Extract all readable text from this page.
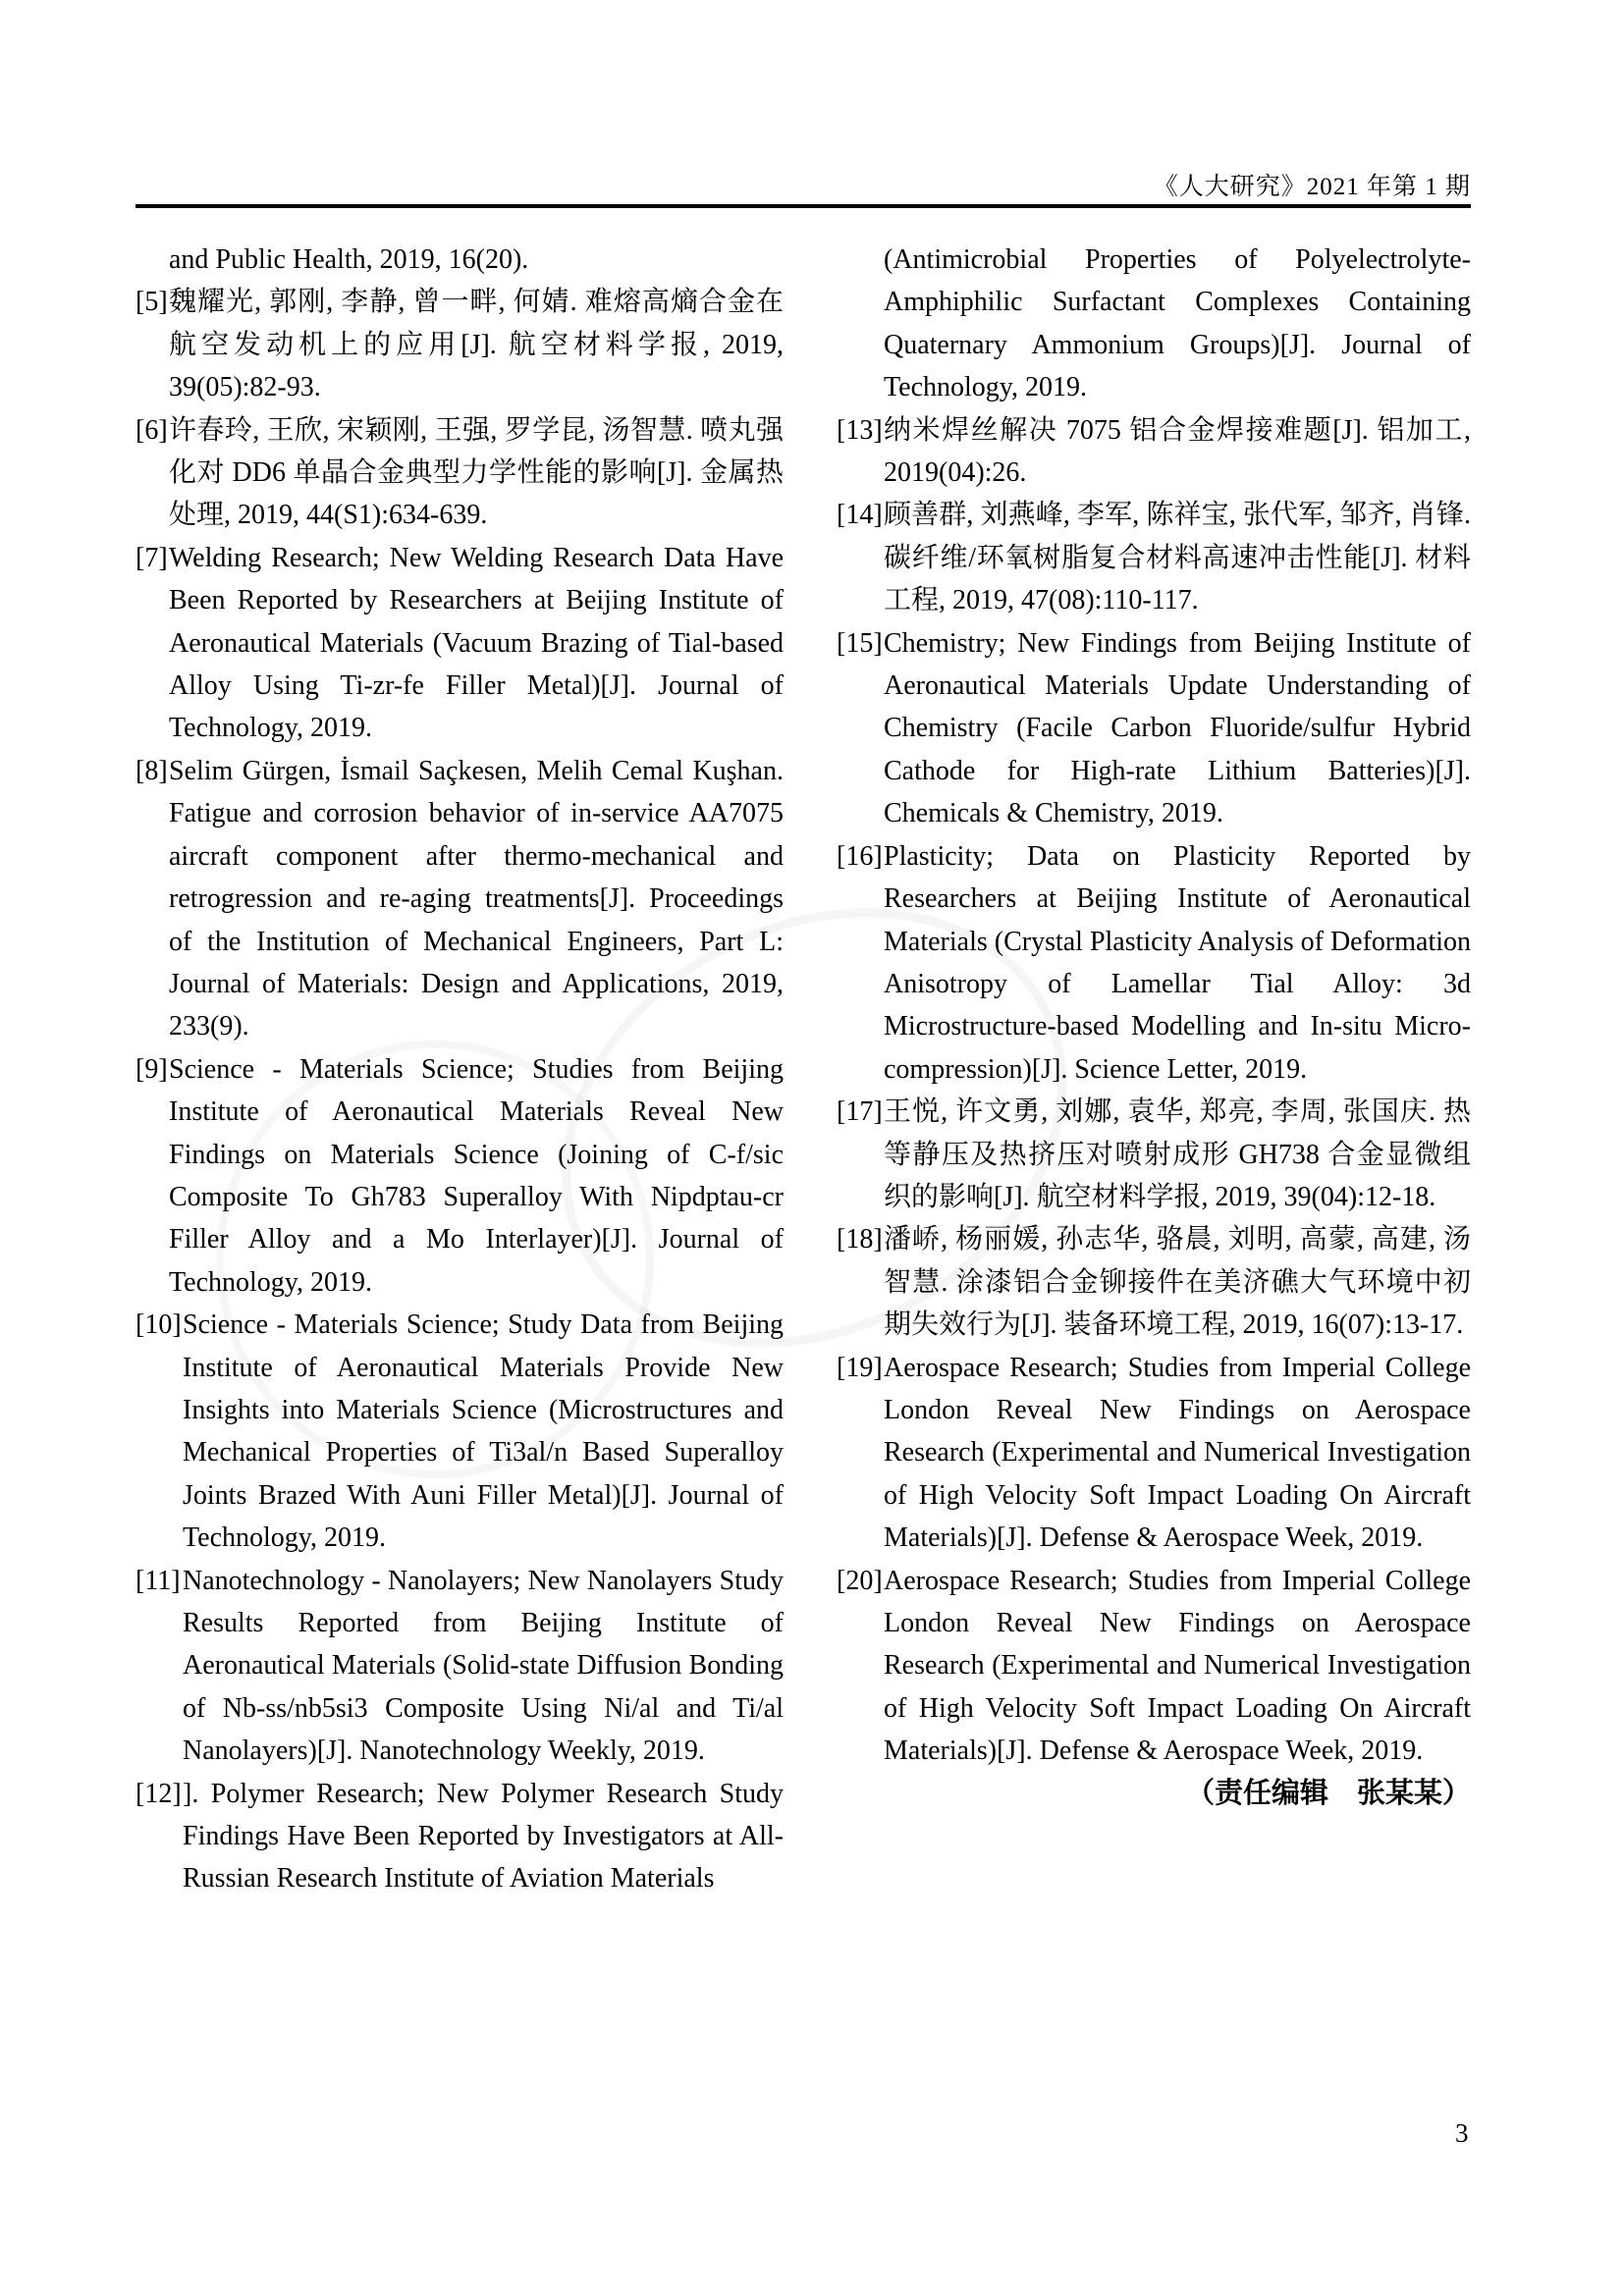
《人大研究》2021 年第 1 期

and Public Health, 2019, 16(20).

[5] 魏耀光, 郭刚, 李静, 曾一畔, 何婧. 难熔高熵合金在航空发动机上的应用[J]. 航空材料学报, 2019, 39(05):82-93.

[6] 许春玲, 王欣, 宋颖刚, 王强, 罗学昆, 汤智慧. 喷丸强化对 DD6 单晶合金典型力学性能的影响[J]. 金属热处理, 2019, 44(S1):634-639.

[7] Welding Research; New Welding Research Data Have Been Reported by Researchers at Beijing Institute of Aeronautical Materials (Vacuum Brazing of Tial-based Alloy Using Ti-zr-fe Filler Metal)[J]. Journal of Technology, 2019.

[8] Selim Gürgen, İsmail Saçkesen, Melih Cemal Kuşhan. Fatigue and corrosion behavior of in-service AA7075 aircraft component after thermo-mechanical and retrogression and re-aging treatments[J]. Proceedings of the Institution of Mechanical Engineers, Part L: Journal of Materials: Design and Applications, 2019, 233(9).

[9] Science - Materials Science; Studies from Beijing Institute of Aeronautical Materials Reveal New Findings on Materials Science (Joining of C-f/sic Composite To Gh783 Superalloy With Nipdptau-cr Filler Alloy and a Mo Interlayer)[J]. Journal of Technology, 2019.

[10] Science - Materials Science; Study Data from Beijing Institute of Aeronautical Materials Provide New Insights into Materials Science (Microstructures and Mechanical Properties of Ti3al/n Based Superalloy Joints Brazed With Auni Filler Metal)[J]. Journal of Technology, 2019.

[11] Nanotechnology - Nanolayers; New Nanolayers Study Results Reported from Beijing Institute of Aeronautical Materials (Solid-state Diffusion Bonding of Nb-ss/nb5si3 Composite Using Ni/al and Ti/al Nanolayers)[J]. Nanotechnology Weekly, 2019.

[12] ]. Polymer Research; New Polymer Research Study Findings Have Been Reported by Investigators at All-Russian Research Institute of Aviation Materials

(Antimicrobial Properties of Polyelectrolyte-Amphiphilic Surfactant Complexes Containing Quaternary Ammonium Groups)[J]. Journal of Technology, 2019.

[13] 纳米焊丝解决 7075 铝合金焊接难题[J]. 铝加工, 2019(04):26.

[14] 顾善群, 刘燕峰, 李军, 陈祥宝, 张代军, 邹齐, 肖锋. 碳纤维/环氧树脂复合材料高速冲击性能[J]. 材料工程, 2019, 47(08):110-117.

[15] Chemistry; New Findings from Beijing Institute of Aeronautical Materials Update Understanding of Chemistry (Facile Carbon Fluoride/sulfur Hybrid Cathode for High-rate Lithium Batteries)[J]. Chemicals & Chemistry, 2019.

[16] Plasticity; Data on Plasticity Reported by Researchers at Beijing Institute of Aeronautical Materials (Crystal Plasticity Analysis of Deformation Anisotropy of Lamellar Tial Alloy: 3d Microstructure-based Modelling and In-situ Micro-compression)[J]. Science Letter, 2019.

[17] 王悦, 许文勇, 刘娜, 袁华, 郑亮, 李周, 张国庆. 热等静压及热挤压对喷射成形 GH738 合金显微组织的影响[J]. 航空材料学报, 2019, 39(04):12-18.

[18] 潘峤, 杨丽媛, 孙志华, 骆晨, 刘明, 高蒙, 高建, 汤智慧. 涂漆铝合金铆接件在美济礁大气环境中初期失效行为[J]. 装备环境工程, 2019, 16(07):13-17.

[19] Aerospace Research; Studies from Imperial College London Reveal New Findings on Aerospace Research (Experimental and Numerical Investigation of High Velocity Soft Impact Loading On Aircraft Materials)[J]. Defense & Aerospace Week, 2019.

[20] Aerospace Research; Studies from Imperial College London Reveal New Findings on Aerospace Research (Experimental and Numerical Investigation of High Velocity Soft Impact Loading On Aircraft Materials)[J]. Defense & Aerospace Week, 2019.

（责任编辑　张某某）

3
